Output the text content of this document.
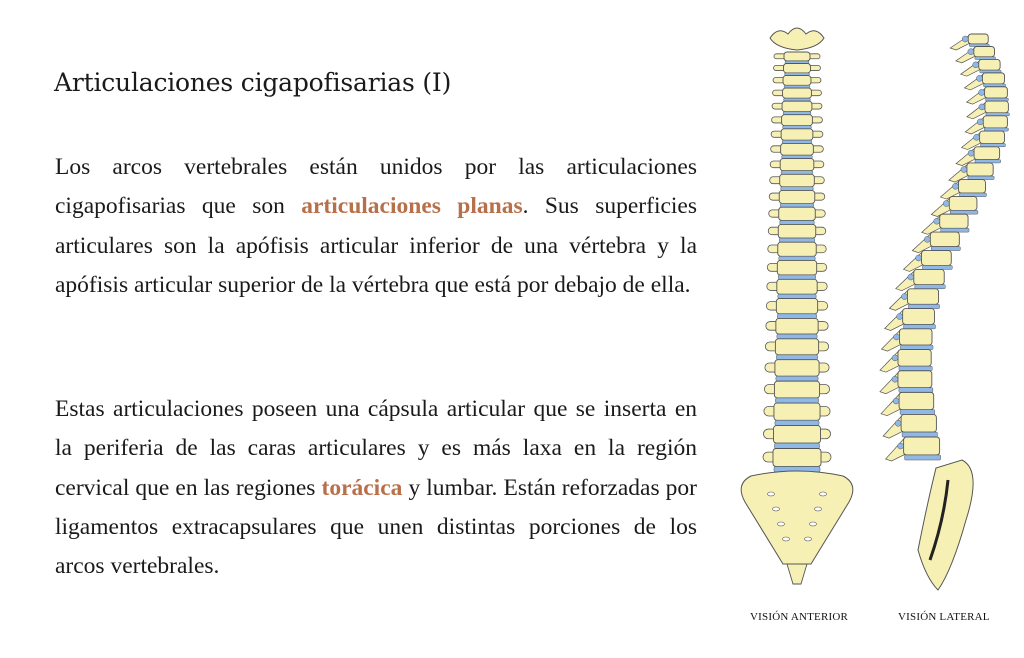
Articulaciones cigapofisarias (I)

Los arcos vertebrales están unidos por las articulaciones cigapofisarias que son articulaciones planas. Sus superficies articulares son la apófisis articular inferior de una vértebra y la apófisis articular superior de la vértebra que está por debajo de ella.

Estas articulaciones poseen una cápsula articular que se inserta en la periferia de las caras articulares y es más laxa en la región cervical que en las regiones torácica y lumbar. Están reforzadas por ligamentos extracapsulares que unen distintas porciones de los arcos vertebrales.

VISIÓN ANTERIOR	VISIÓN LATERAL
